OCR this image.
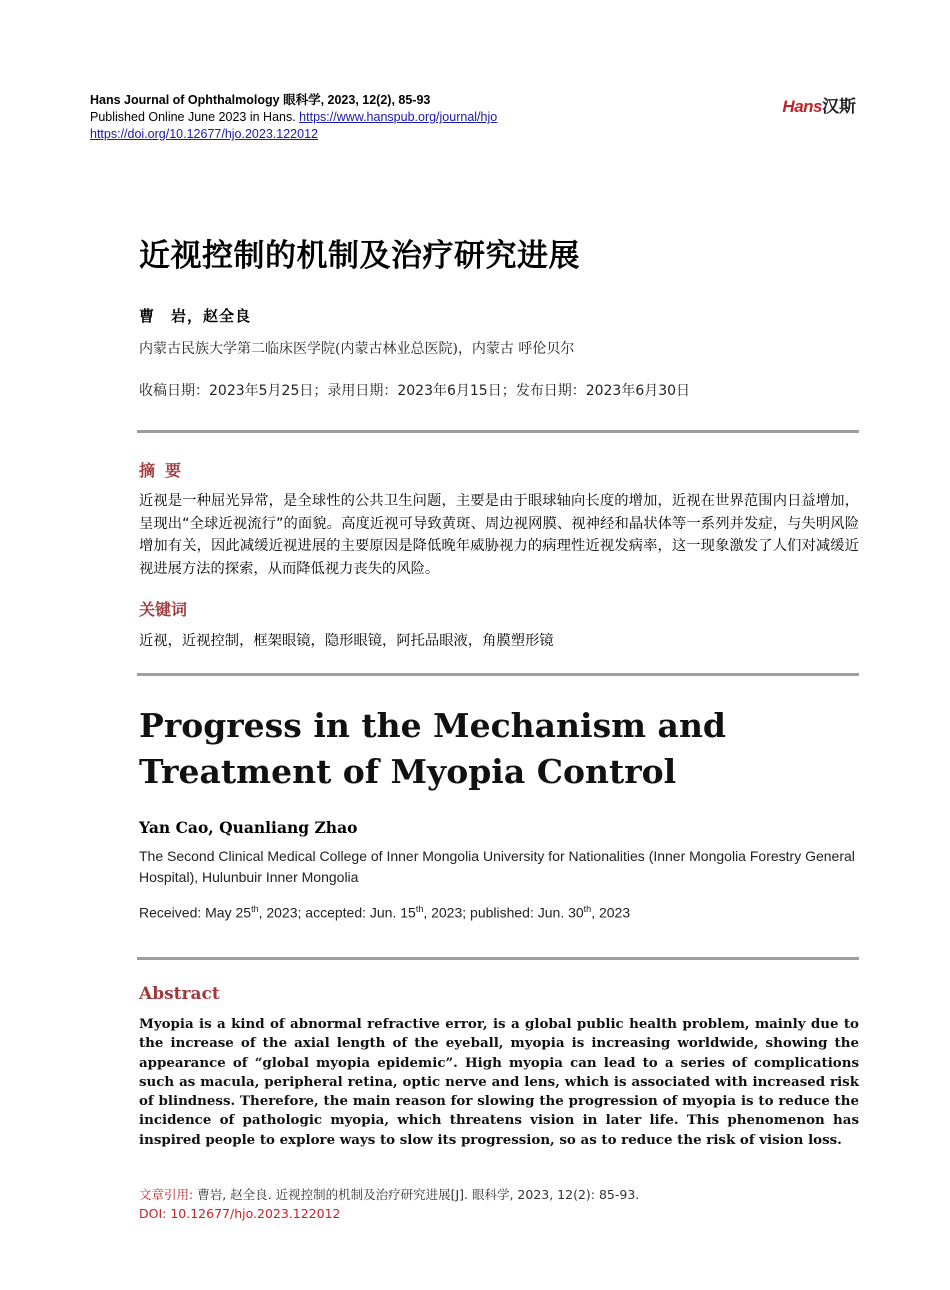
Hans Journal of Ophthalmology 眼科学, 2023, 12(2), 85-93
Published Online June 2023 in Hans. https://www.hanspub.org/journal/hjo
https://doi.org/10.12677/hjo.2023.122012
Hans汉斯
近视控制的机制及治疗研究进展
曹　岩，赵全良
内蒙古民族大学第二临床医学院(内蒙古林业总医院)，内蒙古 呼伦贝尔
收稿日期：2023年5月25日；录用日期：2023年6月15日；发布日期：2023年6月30日
摘要
近视是一种屈光异常，是全球性的公共卫生问题，主要是由于眼球轴向长度的增加，近视在世界范围内日益增加，呈现出“全球近视流行”的面貌。高度近视可导致黄斑、周边视网膜、视神经和晶状体等一系列并发症，与失明风险增加有关，因此减缓近视进展的主要原因是降低晚年威胁视力的病理性近视发病率，这一现象激发了人们对减缓近视进展方法的探索，从而降低视力丧失的风险。
关键词
近视，近视控制，框架眼镜，隐形眼镜，阿托品眼液，角膜塑形镜
Progress in the Mechanism and Treatment of Myopia Control
Yan Cao, Quanliang Zhao
The Second Clinical Medical College of Inner Mongolia University for Nationalities (Inner Mongolia Forestry General Hospital), Hulunbuir Inner Mongolia
Received: May 25th, 2023; accepted: Jun. 15th, 2023; published: Jun. 30th, 2023
Abstract
Myopia is a kind of abnormal refractive error, is a global public health problem, mainly due to the increase of the axial length of the eyeball, myopia is increasing worldwide, showing the appearance of “global myopia epidemic”. High myopia can lead to a series of complications such as macula, peripheral retina, optic nerve and lens, which is associated with increased risk of blindness. Therefore, the main reason for slowing the progression of myopia is to reduce the incidence of pathologic myopia, which threatens vision in later life. This phenomenon has inspired people to explore ways to slow its progression, so as to reduce the risk of vision loss.
文章引用: 曹岩, 赵全良. 近视控制的机制及治疗研究进展[J]. 眼科学, 2023, 12(2): 85-93.
DOI: 10.12677/hjo.2023.122012
